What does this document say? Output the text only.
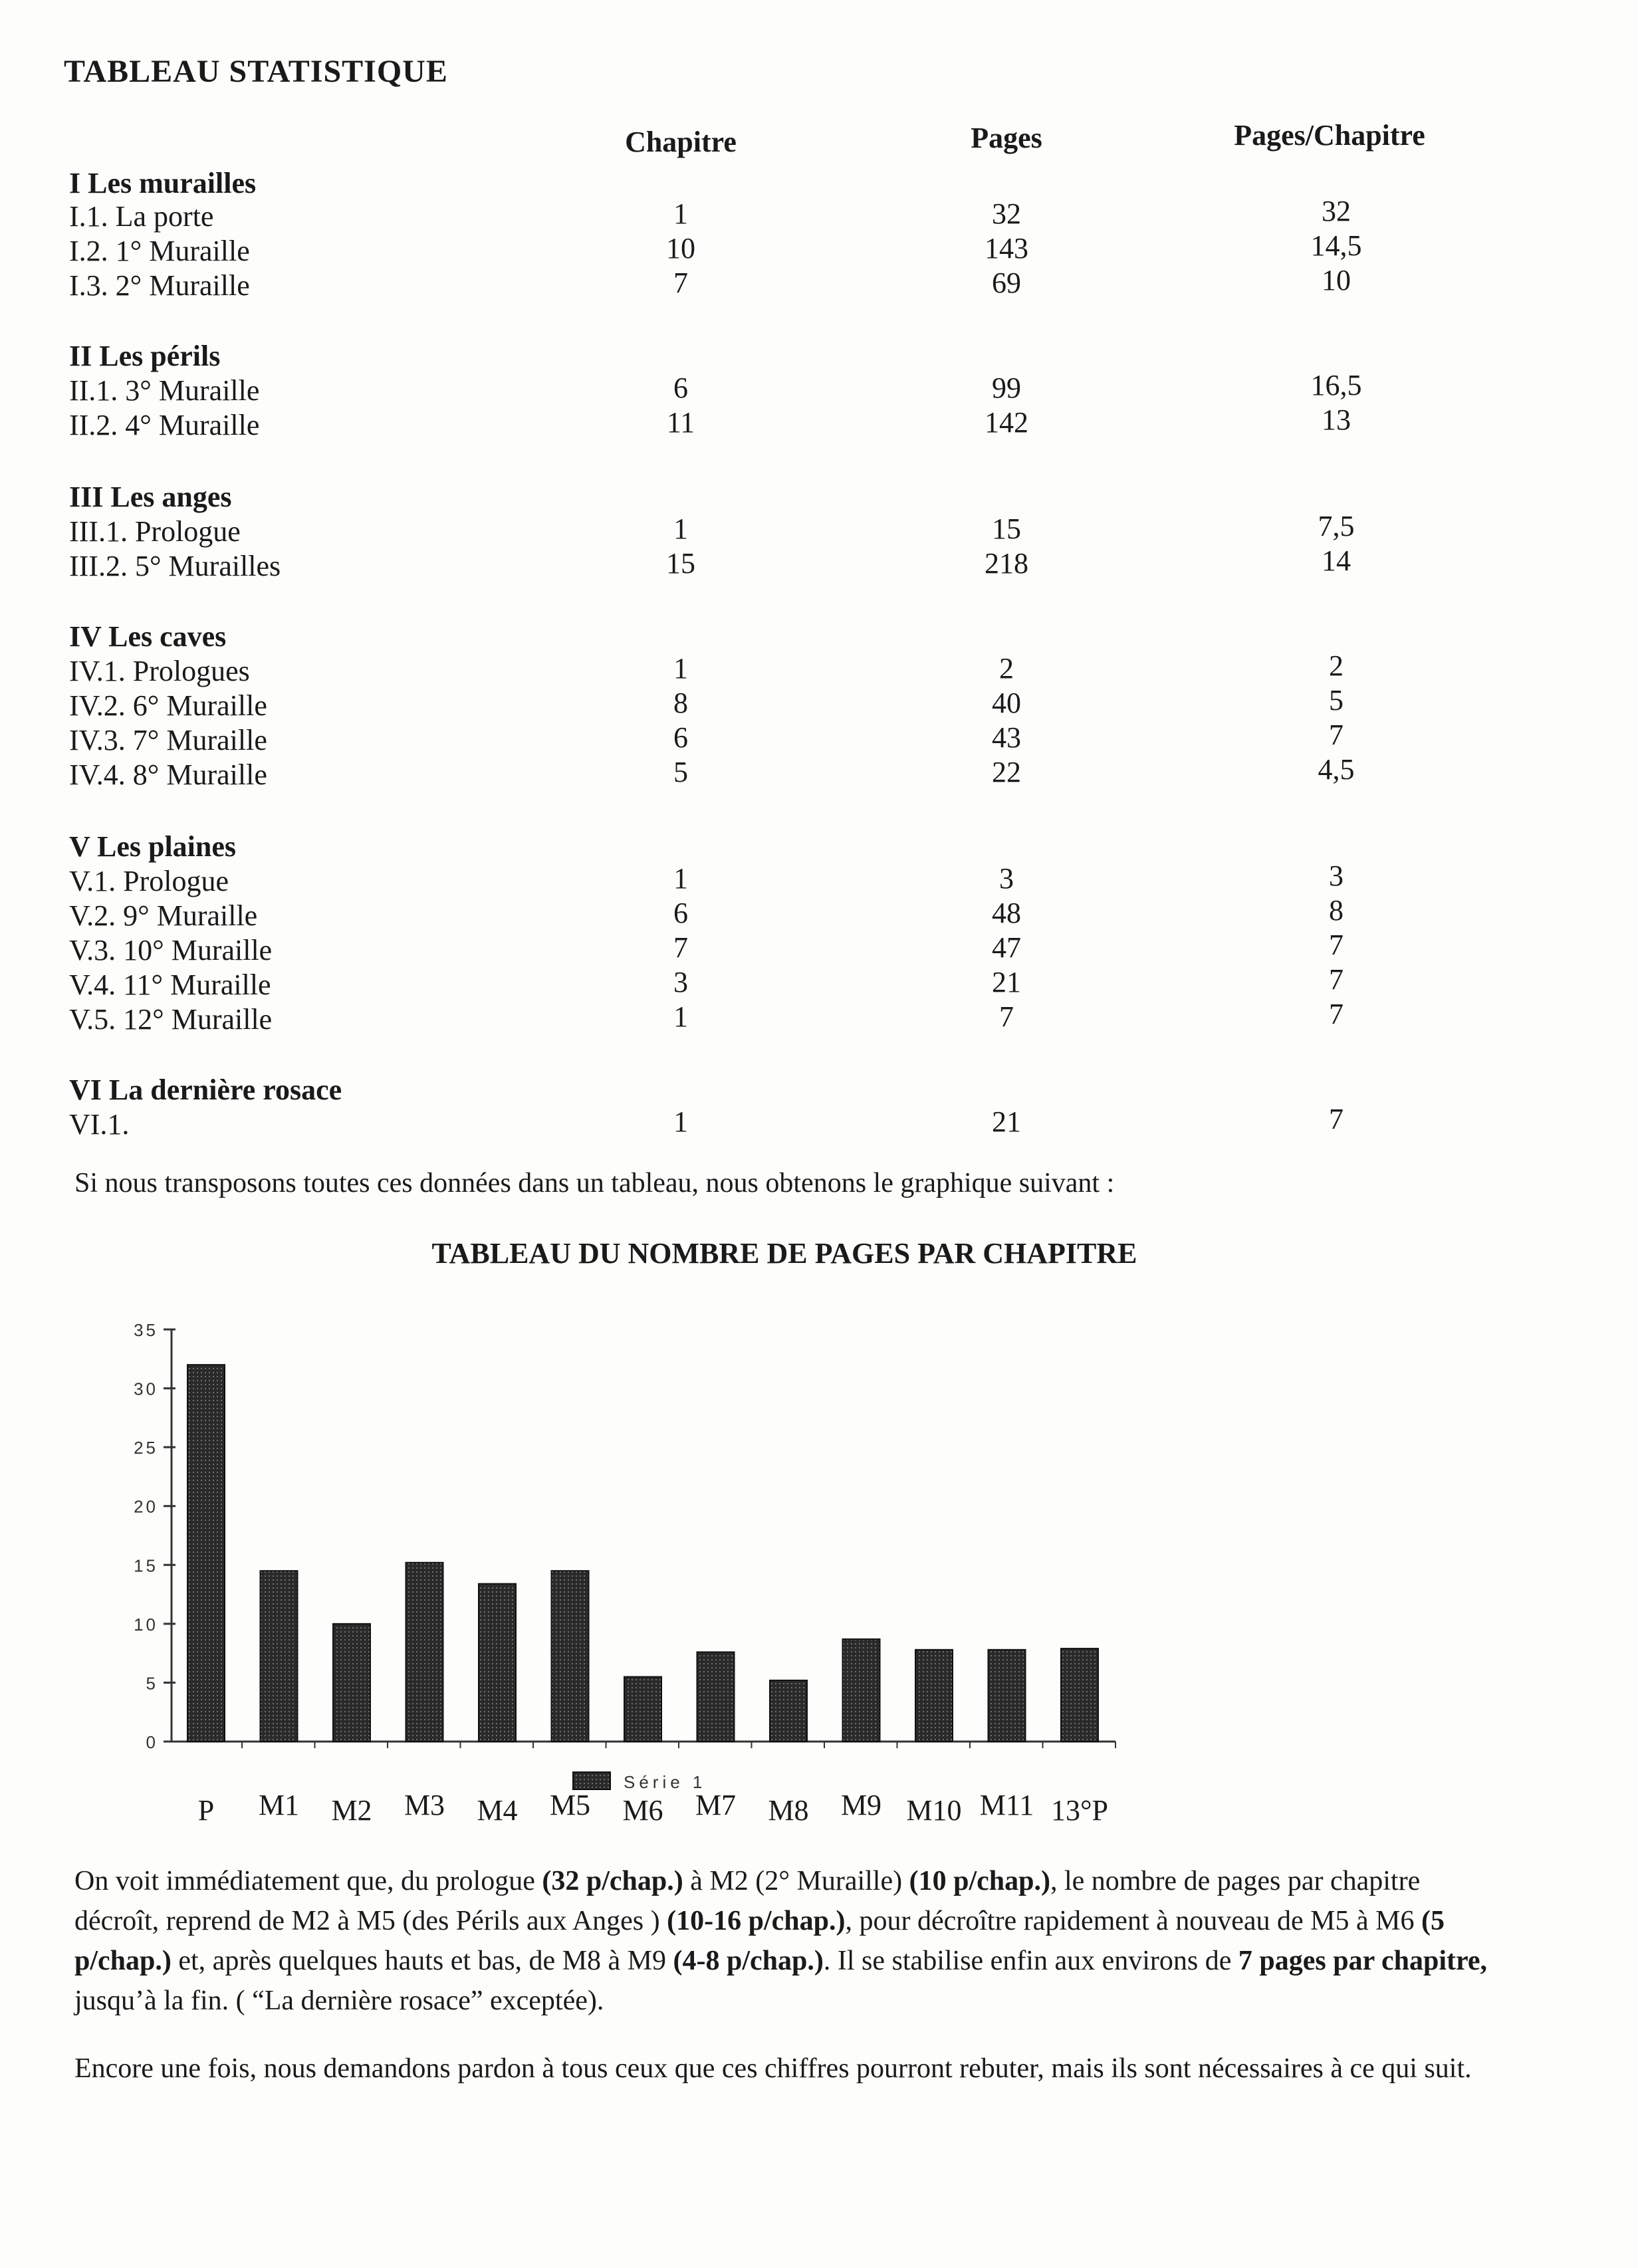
TABLEAU STATISTIQUE
Chapitre	Pages	Pages/Chapitre
I Les murailles
I.1. La porte	1	32	32
I.2. 1° Muraille	10	143	14,5
I.3. 2° Muraille	7	69	10
II Les périls
II.1. 3° Muraille	6	99	16,5
II.2. 4° Muraille	11	142	13
III Les anges
III.1. Prologue	1	15	7,5
III.2. 5° Murailles	15	218	14
IV Les caves
IV.1. Prologues	1	2	2
IV.2. 6° Muraille	8	40	5
IV.3. 7° Muraille	6	43	7
IV.4. 8° Muraille	5	22	4,5
V Les plaines
V.1. Prologue	1	3	3
V.2. 9° Muraille	6	48	8
V.3. 10° Muraille	7	47	7
V.4. 11° Muraille	3	21	7
V.5. 12° Muraille	1	7	7
VI La dernière rosace
VI.1.	1	21	7
Si nous transposons toutes ces données dans un tableau, nous obtenons le graphique suivant :
TABLEAU DU NOMBRE DE PAGES PAR CHAPITRE
0
5
10
15
20
25
30
35
Série 1
P	M1	M2	M3	M4	M5	M6	M7	M8	M9 M10 M11 13°P
On voit immédiatement que, du prologue (32 p/chap.) à M2 (2° Muraille) (10 p/chap.), le nombre de pages par chapitre décroît, reprend de M2 à M5 (des Périls aux Anges ) (10-16 p/chap.), pour décroître rapidement à nouveau de M5 à M6 (5 p/chap.) et, après quelques hauts et bas, de M8 à M9 (4-8 p/chap.). Il se stabilise enfin aux environs de 7 pages par chapitre, jusqu’à la fin. ( “La dernière rosace” exceptée).
Encore une fois, nous demandons pardon à tous ceux que ces chiffres pourront rebuter, mais ils sont nécessaires à ce qui suit.
